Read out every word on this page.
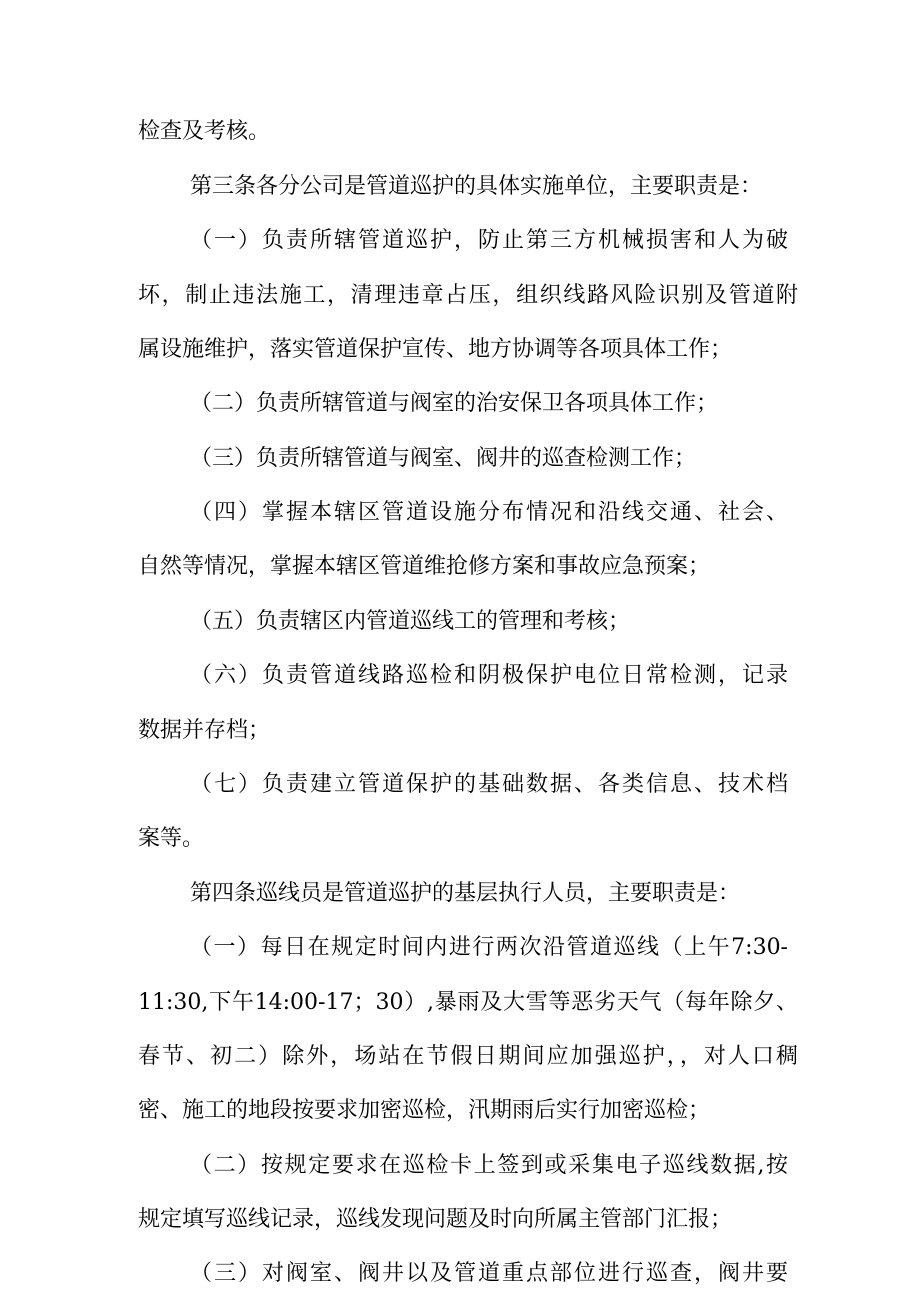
检查及考核。
第三条各分公司是管道巡护的具体实施单位，主要职责是：
（一）负责所辖管道巡护，防止第三方机械损害和人为破
坏，制止违法施工，清理违章占压，组织线路风险识别及管道附
属设施维护，落实管道保护宣传、地方协调等各项具体工作；
（二）负责所辖管道与阀室的治安保卫各项具体工作；
（三）负责所辖管道与阀室、阀井的巡查检测工作；
（四）掌握本辖区管道设施分布情况和沿线交通、社会、
自然等情况，掌握本辖区管道维抢修方案和事故应急预案；
（五）负责辖区内管道巡线工的管理和考核；
（六）负责管道线路巡检和阴极保护电位日常检测，记录
数据并存档；
（七）负责建立管道保护的基础数据、各类信息、技术档
案等。
第四条巡线员是管道巡护的基层执行人员，主要职责是：
（一）每日在规定时间内进行两次沿管道巡线（上午7:30-
11:30,下午14:00-17；30）,暴雨及大雪等恶劣天气（每年除夕、
春节、初二）除外，场站在节假日期间应加强巡护，，对人口稠
密、施工的地段按要求加密巡检，汛期雨后实行加密巡检；
（二）按规定要求在巡检卡上签到或采集电子巡线数据,按
规定填写巡线记录，巡线发现问题及时向所属主管部门汇报；
（三）对阀室、阀井以及管道重点部位进行巡查，阀井要
